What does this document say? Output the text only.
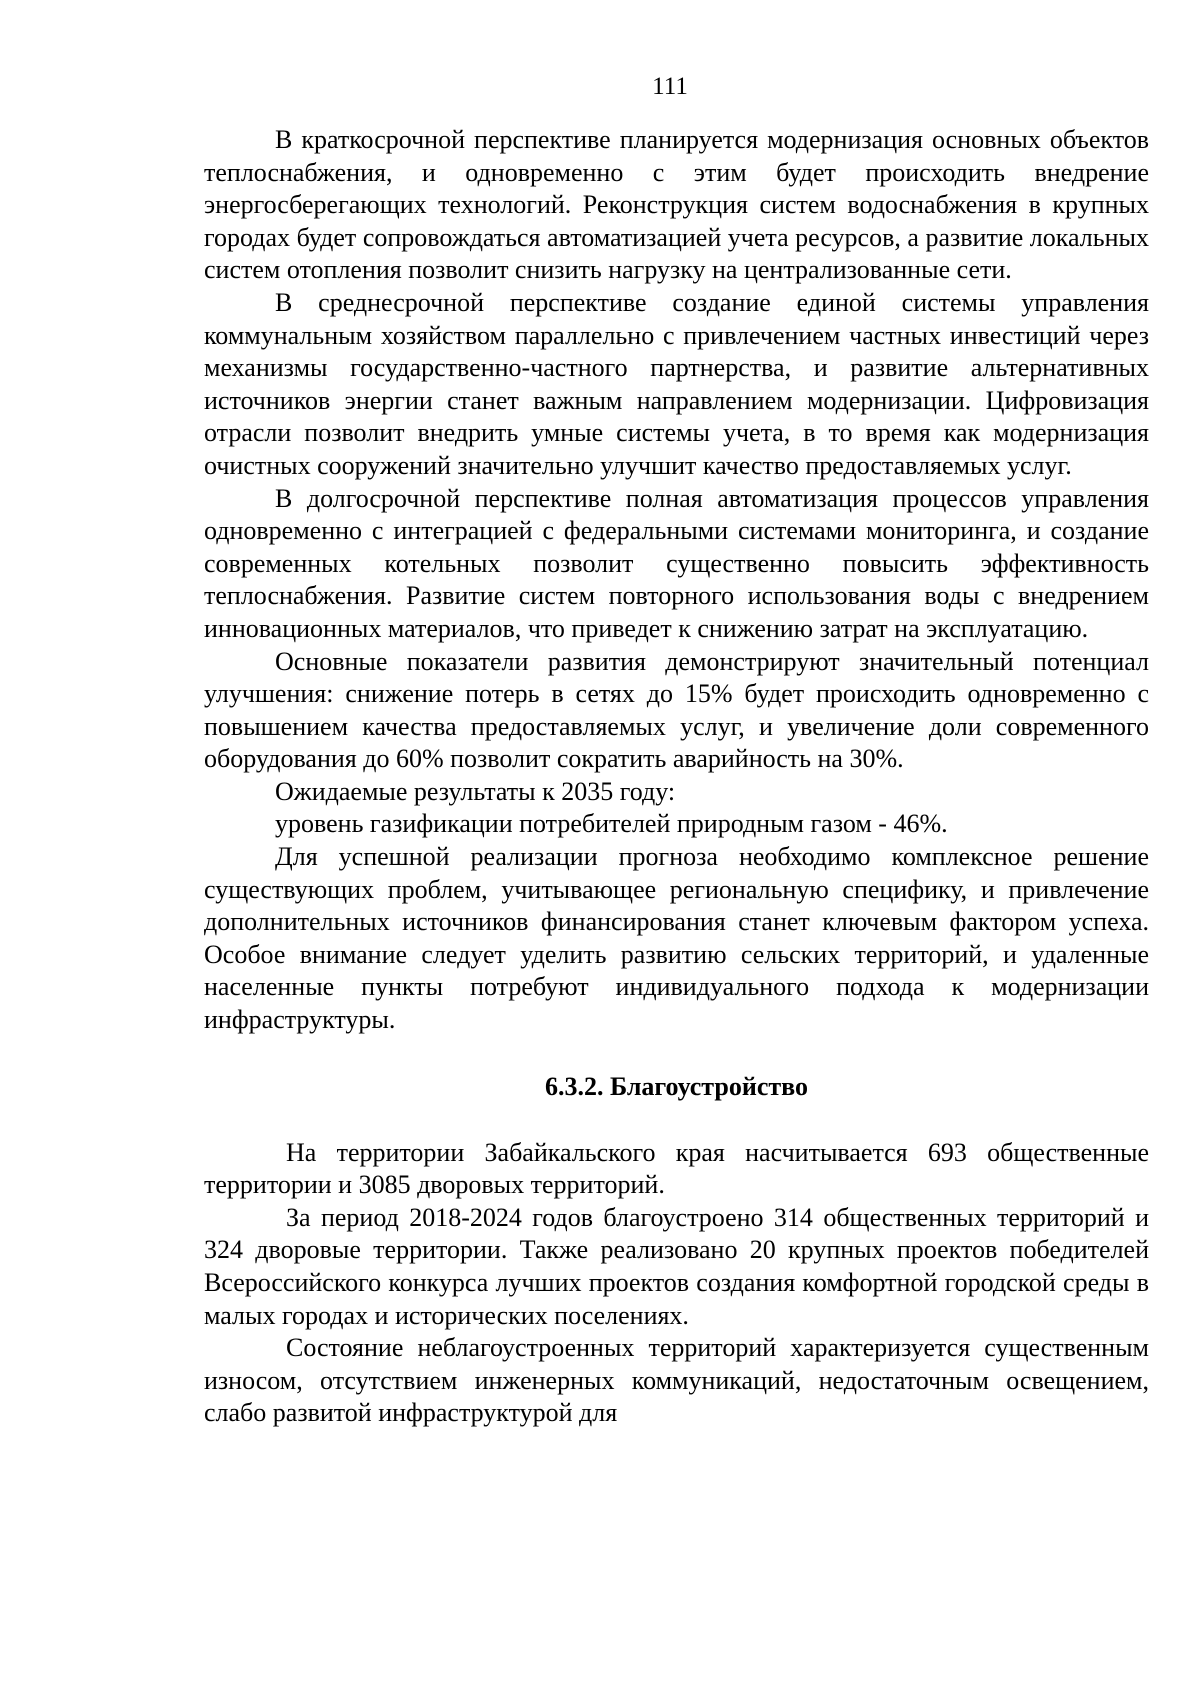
111

В краткосрочной перспективе планируется модернизация основных объектов теплоснабжения, и одновременно с этим будет происходить внедрение энергосберегающих технологий. Реконструкция систем водоснабжения в крупных городах будет сопровождаться автоматизацией учета ресурсов, а развитие локальных систем отопления позволит снизить нагрузку на централизованные сети.

В среднесрочной перспективе создание единой системы управления коммунальным хозяйством параллельно с привлечением частных инвестиций через механизмы государственно-частного партнерства, и развитие альтернативных источников энергии станет важным направлением модернизации. Цифровизация отрасли позволит внедрить умные системы учета, в то время как модернизация очистных сооружений значительно улучшит качество предоставляемых услуг.

В долгосрочной перспективе полная автоматизация процессов управления одновременно с интеграцией с федеральными системами мониторинга, и создание современных котельных позволит существенно повысить эффективность теплоснабжения. Развитие систем повторного использования воды с внедрением инновационных материалов, что приведет к снижению затрат на эксплуатацию.

Основные показатели развития демонстрируют значительный потенциал улучшения: снижение потерь в сетях до 15% будет происходить одновременно с повышением качества предоставляемых услуг, и увеличение доли современного оборудования до 60% позволит сократить аварийность на 30%.

Ожидаемые результаты к 2035 году:

уровень газификации потребителей природным газом - 46%.

Для успешной реализации прогноза необходимо комплексное решение существующих проблем, учитывающее региональную специфику, и привлечение дополнительных источников финансирования станет ключевым фактором успеха. Особое внимание следует уделить развитию сельских территорий, и удаленные населенные пункты потребуют индивидуального подхода к модернизации инфраструктуры.

6.3.2. Благоустройство

На территории Забайкальского края насчитывается 693 общественные территории и 3085 дворовых территорий.

За период 2018-2024 годов благоустроено 314 общественных территорий и 324 дворовые территории. Также реализовано 20 крупных проектов победителей Всероссийского конкурса лучших проектов создания комфортной городской среды в малых городах и исторических поселениях.

Состояние неблагоустроенных территорий характеризуется существенным износом, отсутствием инженерных коммуникаций, недостаточным освещением, слабо развитой инфраструктурой для
